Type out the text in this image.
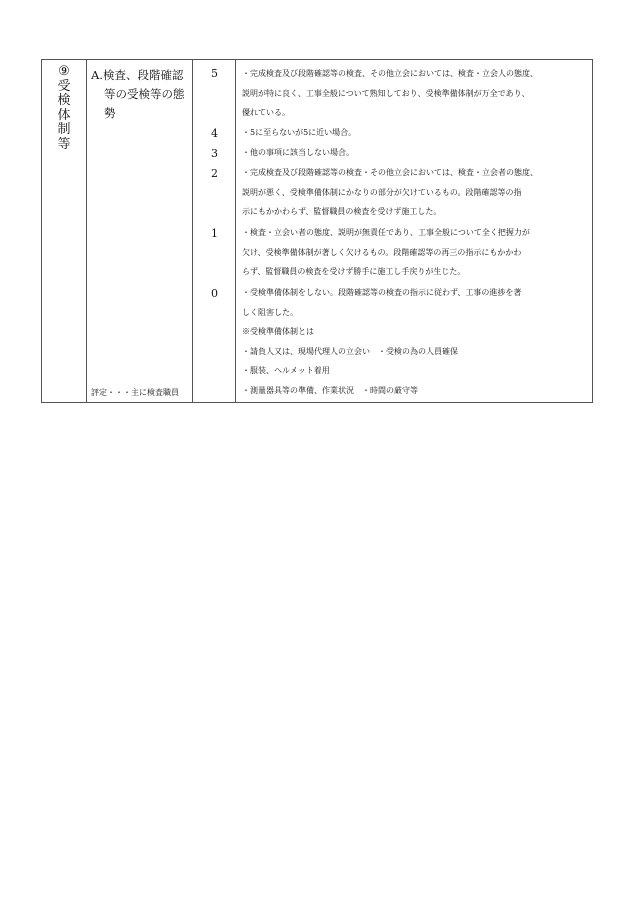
⑨
受
検
体
制
等
A.検査、段階確認
等の受検等の態
勢
評定・・・主に検査職員
5
4
3
2
1
0
・完成検査及び段階確認等の検査、その他立会においては、検査・立会人の態度、
説明が特に良く、工事全般について熟知しており、受検準備体制が万全であり、
優れている。
・5に至らないが5に近い場合。
・他の事項に該当しない場合。
・完成検査及び段階確認等の検査・その他立会においては、検査・立会者の態度、
説明が悪く、受検準備体制にかなりの部分が欠けているもの。段階確認等の指
示にもかかわらず、監督職員の検査を受けず施工した。
・検査・立会い者の態度、説明が無責任であり、工事全般について全く把握力が
欠け、受検準備体制が著しく欠けるもの。段階確認等の再三の指示にもかかわ
らず、監督職員の検査を受けず勝手に施工し手戻りが生じた。
・受検準備体制をしない。段階確認等の検査の指示に従わず、工事の進捗を著
しく阻害した。
※受検準備体制とは
・請負人又は、現場代理人の立会い　・受検の為の人員確保
・服装、ヘルメット着用
・測量器具等の準備、作業状況　・時間の厳守等
